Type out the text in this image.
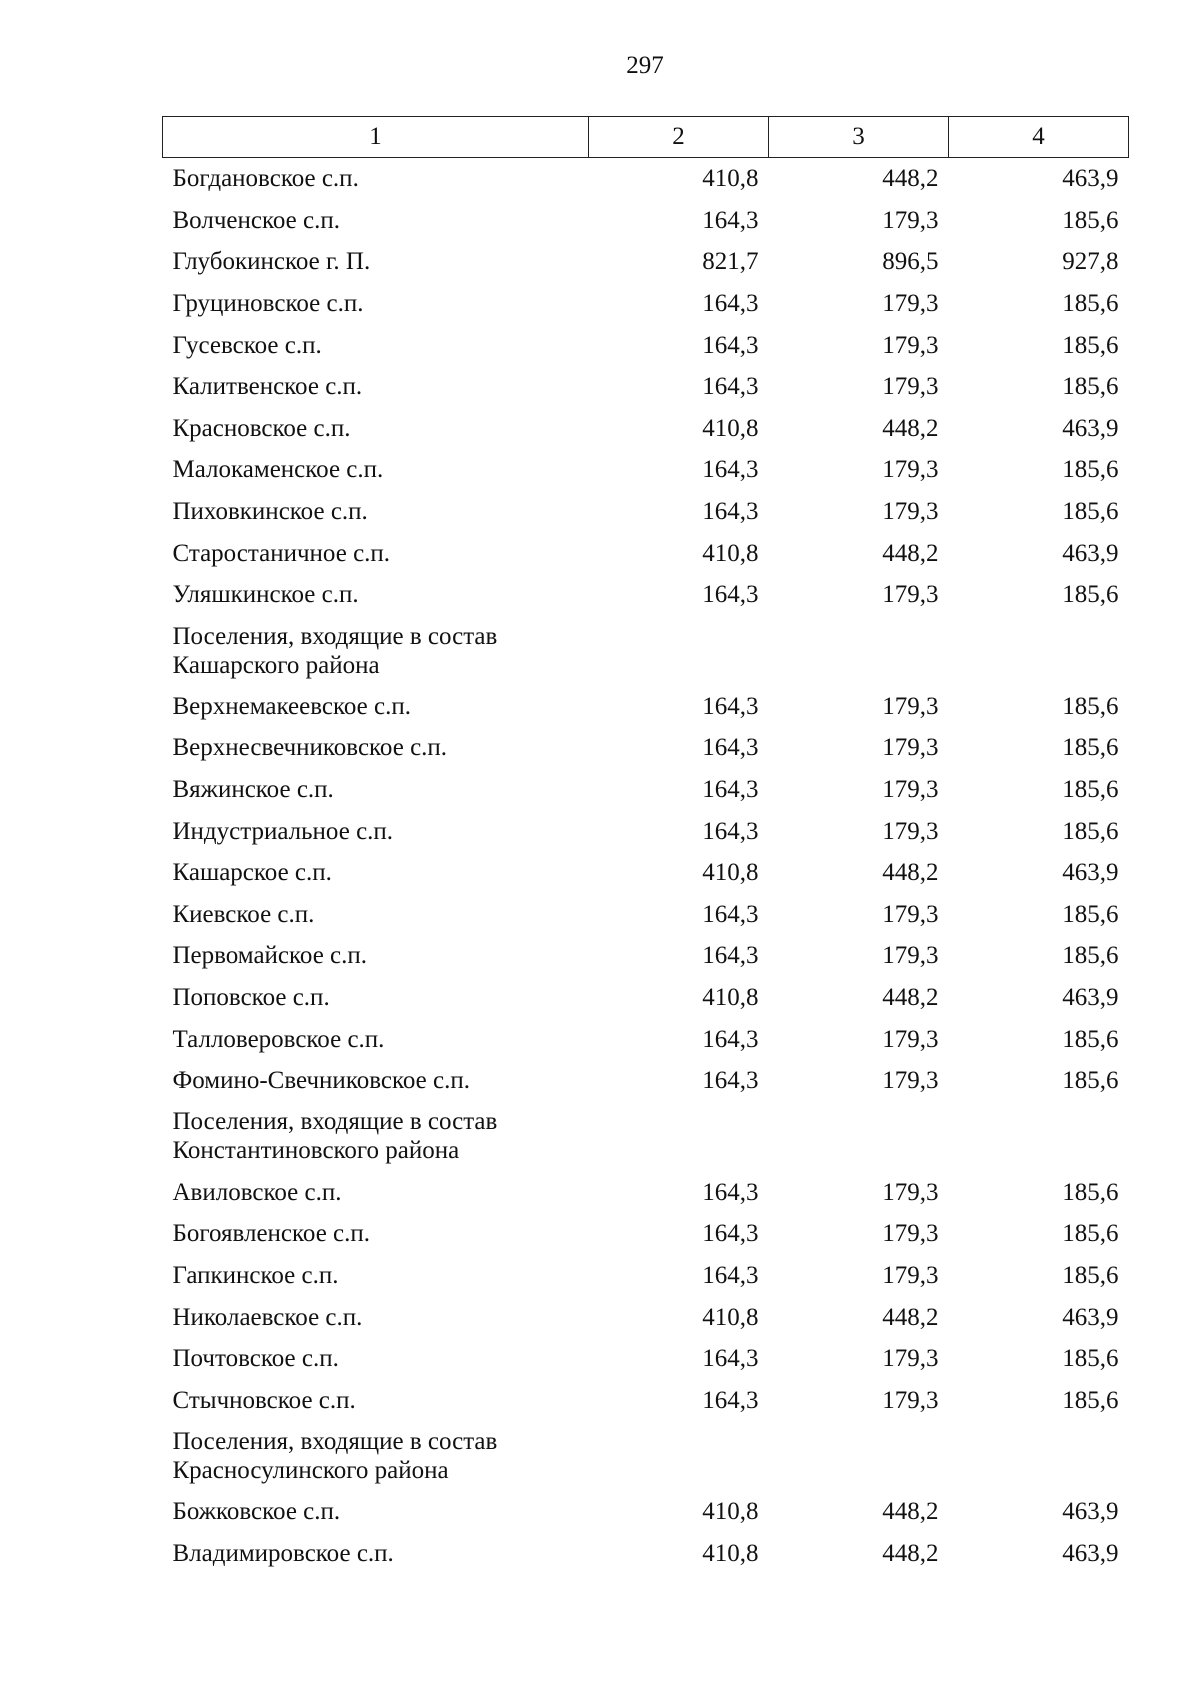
297
1	2	3	4
Богдановское с.п.	410,8	448,2	463,9
Волченское с.п.	164,3	179,3	185,6
Глубокинское г. П.	821,7	896,5	927,8
Груциновское с.п.	164,3	179,3	185,6
Гусевское с.п.	164,3	179,3	185,6
Калитвенское с.п.	164,3	179,3	185,6
Красновское с.п.	410,8	448,2	463,9
Малокаменское с.п.	164,3	179,3	185,6
Пиховкинское с.п.	164,3	179,3	185,6
Старостаничное с.п.	410,8	448,2	463,9
Уляшкинское с.п.	164,3	179,3	185,6

Поселения, входящие в состав
Кашарского района			

Верхнемакеевское с.п.	164,3	179,3	185,6
Верхнесвечниковское с.п.	164,3	179,3	185,6
Вяжинское с.п.	164,3	179,3	185,6
Индустриальное с.п.	164,3	179,3	185,6
Кашарское с.п.	410,8	448,2	463,9
Киевское с.п.	164,3	179,3	185,6
Первомайское с.п.	164,3	179,3	185,6
Поповское с.п.	410,8	448,2	463,9
Талловеровское с.п.	164,3	179,3	185,6
Фомино-Свечниковское с.п.	164,3	179,3	185,6

Поселения, входящие в состав
Константиновского района			

Авиловское с.п.	164,3	179,3	185,6
Богоявленское с.п.	164,3	179,3	185,6
Гапкинское с.п.	164,3	179,3	185,6
Николаевское с.п.	410,8	448,2	463,9
Почтовское с.п.	164,3	179,3	185,6
Стычновское с.п.	164,3	179,3	185,6

Поселения, входящие в состав
Красносулинского района			

Божковское с.п.	410,8	448,2	463,9
Владимировское с.п.	410,8	448,2	463,9
